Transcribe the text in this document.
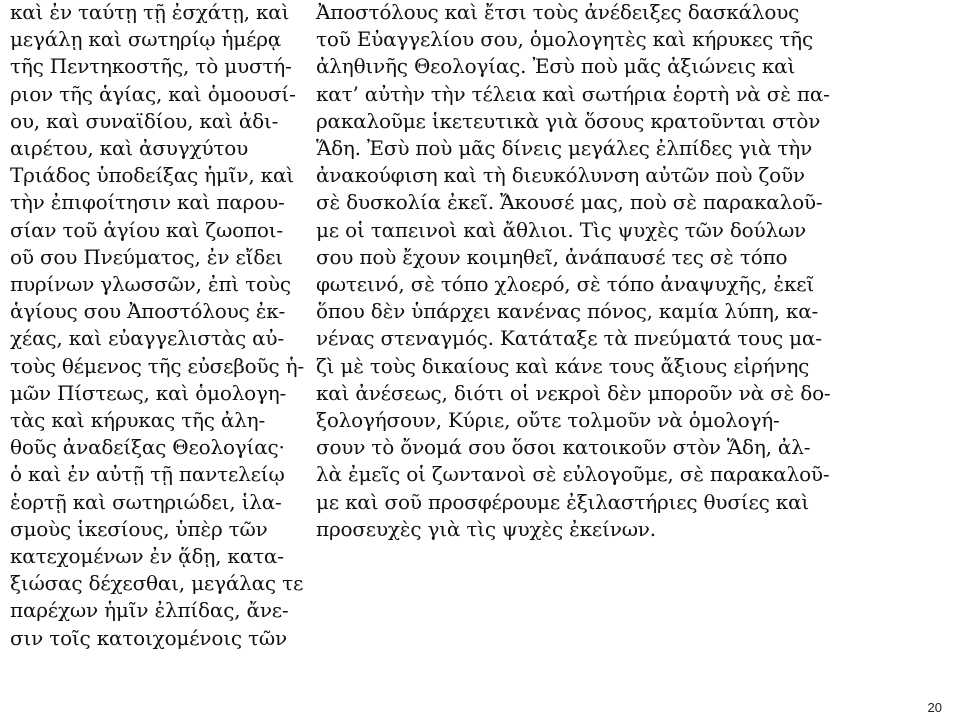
καὶ ἐν ταύτῃ τῇ ἐσχάτῃ, καὶ
μεγάλῃ καὶ σωτηρίῳ ἡμέρᾳ
τῆς Πεντηκοστῆς, τὸ μυστή-
ριον τῆς ἁγίας, καὶ ὁμοουσί-
ου, καὶ συναϊδίου, καὶ ἀδι-
αιρέτου, καὶ ἀσυγχύτου
Τριάδος ὑποδείξας ἡμῖν, καὶ
τὴν ἐπιφοίτησιν καὶ παρου-
σίαν τοῦ ἁγίου καὶ ζωοποι-
οῦ σου Πνεύματος, ἐν εἴδει
πυρίνων γλωσσῶν, ἐπὶ τοὺς
ἁγίους σου Ἀποστόλους ἐκ-
χέας, καὶ εὐαγγελιστὰς αὐ-
τοὺς θέμενος τῆς εὐσεβοῦς ἡ-
μῶν Πίστεως, καὶ ὁμολογη-
τὰς καὶ κήρυκας τῆς ἀλη-
θοῦς ἀναδείξας Θεολογίας·
ὁ καὶ ἐν αὐτῇ τῇ παντελείῳ
ἑορτῇ καὶ σωτηριώδει, ἱλα-
σμοὺς ἱκεσίους, ὑπὲρ τῶν
κατεχομένων ἐν ᾅδῃ, κατα-
ξιώσας δέχεσθαι, μεγάλας τε
παρέχων ἡμῖν ἐλπίδας, ἄνε-
σιν τοῖς κατοιχομένοις τῶν
Ἀποστόλους καὶ ἔτσι τοὺς ἀνέδειξες δασκάλους
τοῦ Εὐαγγελίου σου, ὁμολογητὲς καὶ κήρυκες τῆς
ἀληθινῆς Θεολογίας. Ἐσὺ ποὺ μᾶς ἀξιώνεις καὶ
κατ’ αὐτὴν τὴν τέλεια καὶ σωτήρια ἑορτὴ νὰ σὲ πα-
ρακαλοῦμε ἱκετευτικὰ γιὰ ὅσους κρατοῦνται στὸν
Ἅδη. Ἐσὺ ποὺ μᾶς δίνεις μεγάλες ἐλπίδες γιὰ τὴν
ἀνακούφιση καὶ τὴ διευκόλυνση αὐτῶν ποὺ ζοῦν
σὲ δυσκολία ἐκεῖ. Ἄκουσέ μας, ποὺ σὲ παρακαλοῦ-
με οἱ ταπεινοὶ καὶ ἄθλιοι. Τὶς ψυχὲς τῶν δούλων
σου ποὺ ἔχουν κοιμηθεῖ, ἀνάπαυσέ τες σὲ τόπο
φωτεινό, σὲ τόπο χλοερό, σὲ τόπο ἀναψυχῆς, ἐκεῖ
ὅπου δὲν ὑπάρχει κανένας πόνος, καμία λύπη, κα-
νένας στεναγμός. Κατάταξε τὰ πνεύματά τους μα-
ζὶ μὲ τοὺς δικαίους καὶ κάνε τους ἄξιους εἰρήνης
καὶ ἀνέσεως, διότι οἱ νεκροὶ δὲν μποροῦν νὰ σὲ δο-
ξολογήσουν, Κύριε, οὔτε τολμοῦν νὰ ὁμολογή-
σουν τὸ ὄνομά σου ὅσοι κατοικοῦν στὸν Ἅδη, ἀλ-
λὰ ἐμεῖς οἱ ζωντανοὶ σὲ εὐλογοῦμε, σὲ παρακαλοῦ-
με καὶ σοῦ προσφέρουμε ἐξιλαστήριες θυσίες καὶ
προσευχὲς γιὰ τὶς ψυχὲς ἐκείνων.
20
